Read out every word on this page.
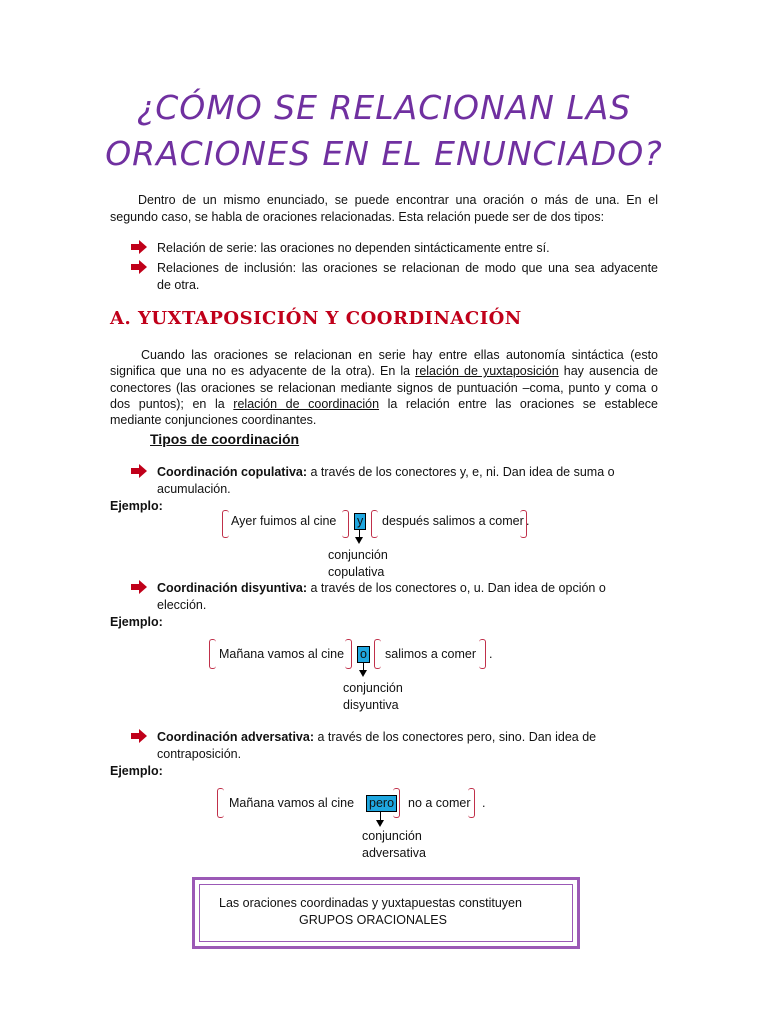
¿CÓMO SE RELACIONAN LAS
ORACIONES EN EL ENUNCIADO?
Dentro de un mismo enunciado, se puede encontrar una oración o más de una. En el
segundo caso, se habla de oraciones relacionadas. Esta relación puede ser de dos tipos:
Relación de serie: las oraciones no dependen sintácticamente entre sí.
Relaciones de inclusión: las oraciones se relacionan de modo que una sea adyacente
de otra.
A. YUXTAPOSICIÓN Y COORDINACIÓN
Cuando las oraciones se relacionan en serie hay entre ellas autonomía sintáctica (esto
significa que una no es adyacente de la otra). En la relación de yuxtaposición hay ausencia de
conectores (las oraciones se relacionan mediante signos de puntuación –coma, punto y coma o
dos puntos); en la relación de coordinación la relación entre las oraciones se establece
mediante conjunciones coordinantes.
Tipos de coordinación
Coordinación copulativa: a través de los conectores y, e, ni. Dan idea de suma o
acumulación.
Ejemplo:
Ayer fuimos al cine y después salimos a comer .
conjunción
copulativa
Coordinación disyuntiva: a través de los conectores o, u. Dan idea de opción o
elección.
Ejemplo:
Mañana vamos al cine o salimos a comer .
conjunción
disyuntiva
Coordinación adversativa: a través de los conectores pero, sino. Dan idea de
contraposición.
Ejemplo:
Mañana vamos al cine pero no a comer .
conjunción
adversativa
Las oraciones coordinadas y yuxtapuestas constituyen
GRUPOS ORACIONALES
